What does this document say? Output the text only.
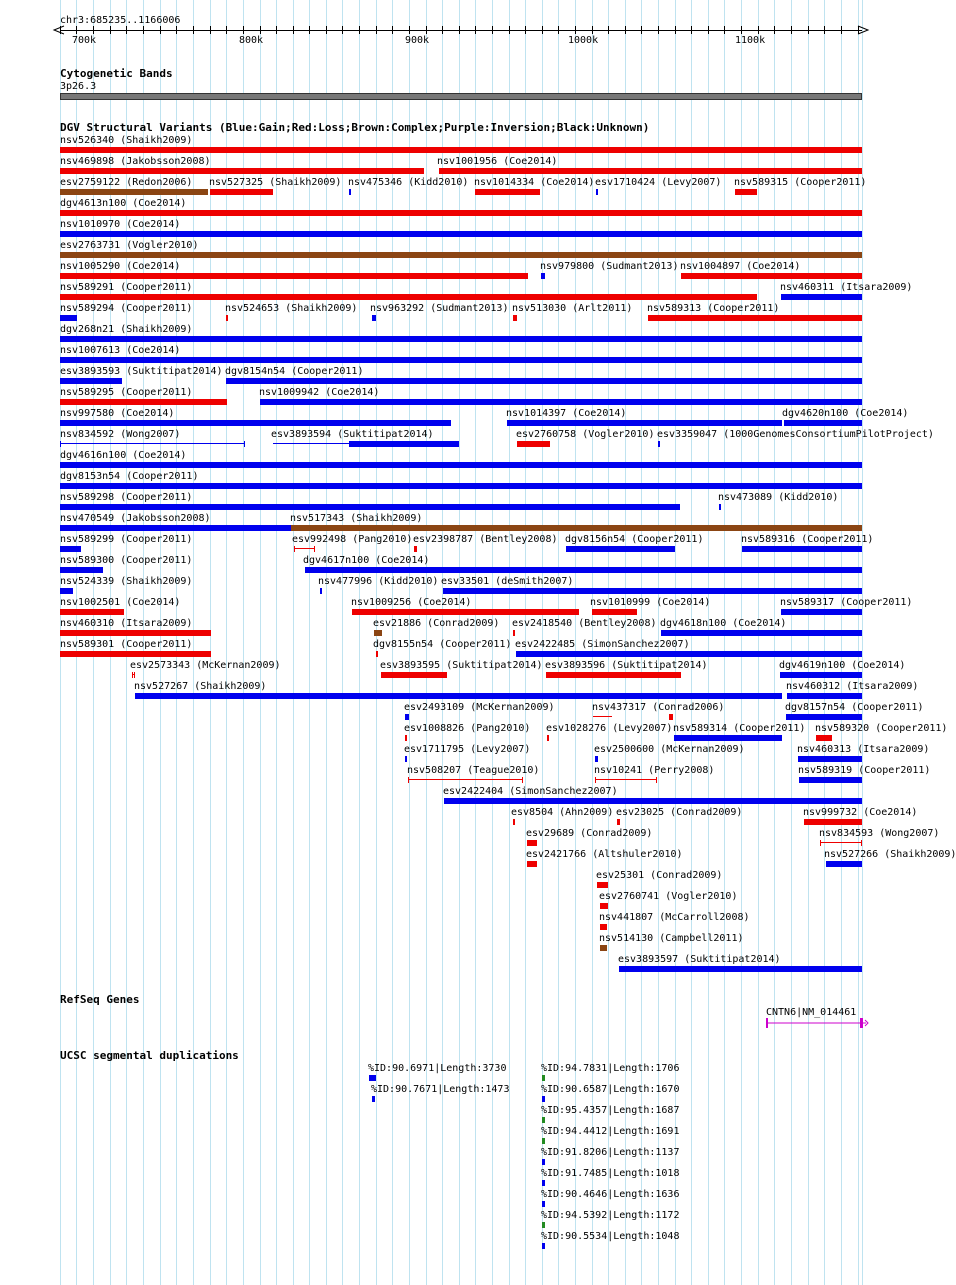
chr3:685235..1166006
700k	800k	900k	1000k	1100k
Cytogenetic Bands
3p26.3
DGV Structural Variants (Blue:Gain;Red:Loss;Brown:Complex;Purple:Inversion;Black:Unknown)
nsv526340 (Shaikh2009)
nsv469898 (Jakobsson2008)	nsv1001956 (Coe2014)
esv2759122 (Redon2006) nsv527325 (Shaikh2009) nsv475346 (Kidd2010) nsv1014334 (Coe2014) esv1710424 (Levy2007) nsv589315 (Cooper2011)
dgv4613n100 (Coe2014)
nsv1010970 (Coe2014)
esv2763731 (Vogler2010)
nsv1005290 (Coe2014)	nsv979800 (Sudmant2013) nsv1004897 (Coe2014)
nsv589291 (Cooper2011)	nsv460311 (Itsara2009)
nsv589294 (Cooper2011)	nsv524653 (Shaikh2009) nsv963292 (Sudmant2013) nsv513030 (Arlt2011) nsv589313 (Cooper2011)
dgv268n21 (Shaikh2009)
nsv1007613 (Coe2014)
esv3893593 (Suktitipat2014) dgv8154n54 (Cooper2011)
nsv589295 (Cooper2011)	nsv1009942 (Coe2014)
nsv997580 (Coe2014)	nsv1014397 (Coe2014)	dgv4620n100 (Coe2014)
nsv834592 (Wong2007)	esv3893594 (Suktitipat2014)	esv2760758 (Vogler2010) esv3359047 (1000GenomesConsortiumPilotProject)
dgv4616n100 (Coe2014)
dgv8153n54 (Cooper2011)
nsv589298 (Cooper2011)	nsv473089 (Kidd2010)
nsv470549 (Jakobsson2008)	nsv517343 (Shaikh2009)
nsv589299 (Cooper2011)	esv992498 (Pang2010) esv2398787 (Bentley2008) dgv8156n54 (Cooper2011)	nsv589316 (Cooper2011)
nsv589300 (Cooper2011)	dgv4617n100 (Coe2014)
nsv524339 (Shaikh2009)	nsv477996 (Kidd2010) esv33501 (deSmith2007)
nsv1002501 (Coe2014)	nsv1009256 (Coe2014)	nsv1010999 (Coe2014)	nsv589317 (Cooper2011)
nsv460310 (Itsara2009)	esv21886 (Conrad2009) esv2418540 (Bentley2008) dgv4618n100 (Coe2014)
nsv589301 (Cooper2011)	dgv8155n54 (Cooper2011) esv2422485 (SimonSanchez2007)
esv2573343 (McKernan2009)	esv3893595 (Suktitipat2014) esv3893596 (Suktitipat2014)	dgv4619n100 (Coe2014)
nsv527267 (Shaikh2009)	nsv460312 (Itsara2009)
esv2493109 (McKernan2009)	nsv437317 (Conrad2006)	dgv8157n54 (Cooper2011)
esv1008826 (Pang2010) esv1028276 (Levy2007) nsv589314 (Cooper2011) nsv589320 (Cooper2011)
esv1711795 (Levy2007)	esv2500600 (McKernan2009)	nsv460313 (Itsara2009)
nsv508207 (Teague2010)	nsv10241 (Perry2008)	nsv589319 (Cooper2011)
esv2422404 (SimonSanchez2007)
esv8504 (Ahn2009) esv23025 (Conrad2009)	nsv999732 (Coe2014)
esv29689 (Conrad2009)	nsv834593 (Wong2007)
esv2421766 (Altshuler2010)	nsv527266 (Shaikh2009)
esv25301 (Conrad2009)
esv2760741 (Vogler2010)
nsv441807 (McCarroll2008)
nsv514130 (Campbell2011)
esv3893597 (Suktitipat2014)
RefSeq Genes
CNTN6|NM_014461
UCSC segmental duplications
%ID:90.6971|Length:3730
%ID:90.7671|Length:1473
%ID:94.7831|Length:1706
%ID:90.6587|Length:1670
%ID:95.4357|Length:1687
%ID:94.4412|Length:1691
%ID:91.8206|Length:1137
%ID:91.7485|Length:1018
%ID:90.4646|Length:1636
%ID:94.5392|Length:1172
%ID:90.5534|Length:1048
